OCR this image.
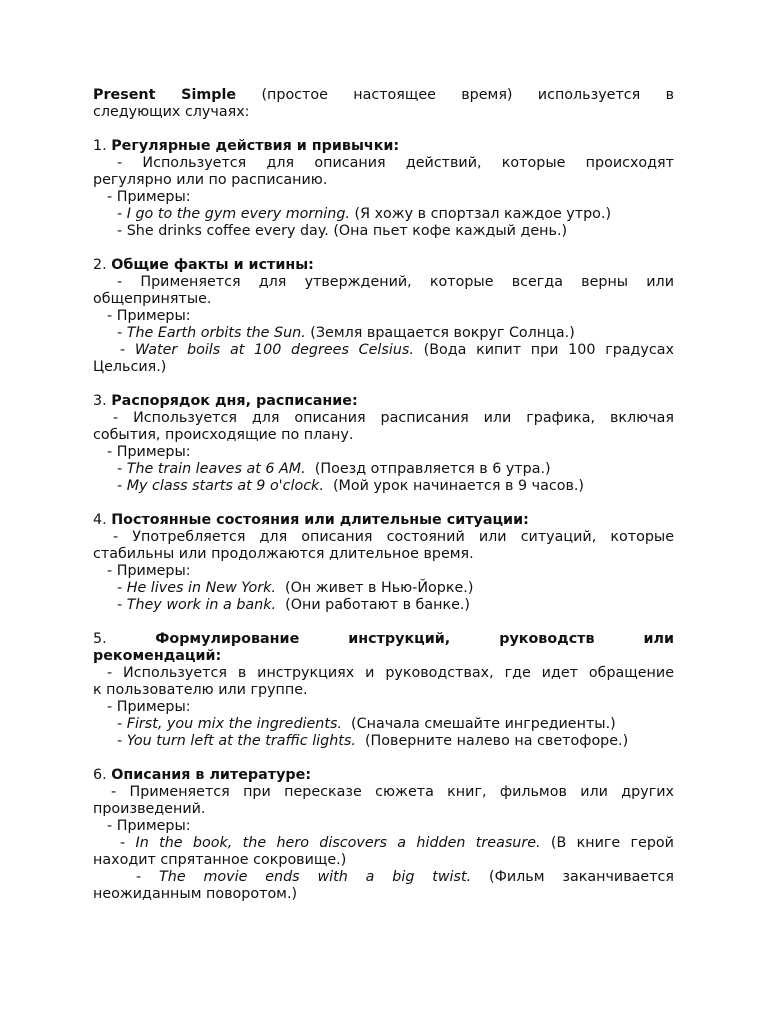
Present Simple (простое настоящее время) используется в
следующих случаях:
1. Регулярные действия и привычки:
- Используется для описания действий, которые происходят
регулярно или по расписанию.
- Примеры:
- I go to the gym every morning. (Я хожу в спортзал каждое утро.)
- She drinks coffee every day. (Она пьет кофе каждый день.)
2. Общие факты и истины:
- Применяется для утверждений, которые всегда верны или
общепринятые.
- Примеры:
- The Earth orbits the Sun. (Земля вращается вокруг Солнца.)
- Water boils at 100 degrees Celsius. (Вода кипит при 100 градусах
Цельсия.)
3. Распорядок дня, расписание:
- Используется для описания расписания или графика, включая
события, происходящие по плану.
- Примеры:
- The train leaves at 6 AM.  (Поезд отправляется в 6 утра.)
- My class starts at 9 o'clock.  (Мой урок начинается в 9 часов.)
4. Постоянные состояния или длительные ситуации:
- Употребляется для описания состояний или ситуаций, которые
стабильны или продолжаются длительное время.
- Примеры:
- He lives in New York.  (Он живет в Нью-Йорке.)
- They work in a bank.  (Они работают в банке.)
5.	Формулирование инструкций, руководств или
рекомендаций:
- Используется в инструкциях и руководствах, где идет обращение
к пользователю или группе.
- Примеры:
- First, you mix the ingredients.  (Сначала смешайте ингредиенты.)
- You turn left at the traffic lights.  (Поверните налево на светофоре.)
6. Описания в литературе:
- Применяется при пересказе сюжета книг, фильмов или других
произведений.
- Примеры:
- In the book, the hero discovers a hidden treasure. (В книге герой
находит спрятанное сокровище.)
- The movie ends with a big twist. (Фильм заканчивается
неожиданным поворотом.)
